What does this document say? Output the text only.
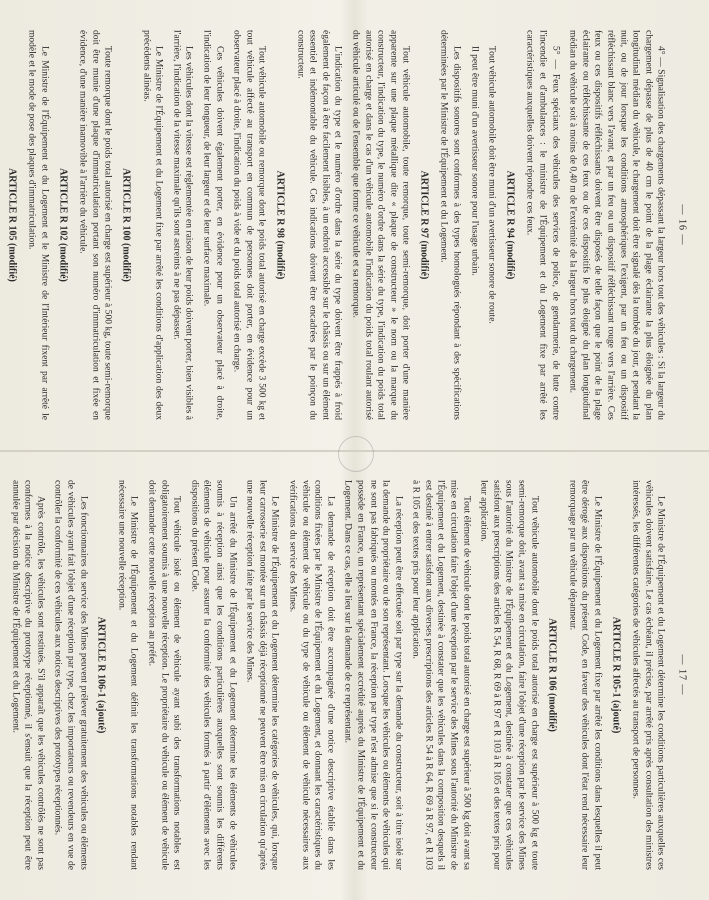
— 16 —

4° — Signalisation des chargements dépassant la largeur hors tout des véhicules : Si la largeur du chargement dépasse de plus de 40 cm le point de la plage éclairante la plus éloignée du plan longitudinal médian du véhicule, le chargement doit être signalé dès la tombée du jour, et pendant la nuit, ou de jour lorsque les conditions atmosphériques l'exigent, par un feu ou un dispositif réfléchissant blanc vers l'avant, et par un feu ou un dispositif réfléchissant rouge vers l'arrière. Ces feux ou ces dispositifs réfléchissants doivent être disposés de telle façon que le point de la plage éclairante ou réfléchissante de ces feux ou de ces dispositifs le plus éloigné du plan longitudinal médian du véhicule soit à moins de 0,40 m de l'extrémité de la largeur hors tout du chargement.

5° — Feux spéciaux des véhicules des services de police, de gendarmerie, de lutte contre l'incendie et d'ambulances : le ministre de l'Équipement et du Logement fixe par arrêté les caractéristiques auxquelles doivent répondre ces feux.

ARTICLE R 94 (modifié)

Tout véhicule automobile doit être muni d'un avertisseur sonore de route.

Il peut être muni d'un avertisseur sonore pour l'usage urbain.

Les dispositifs sonores sont conformes à des types homologués répondant à des spécifications déterminées par le Ministre de l'Équipement et du Logement.

ARTICLE R 97 (modifié)

Tout véhicule automobile, toute remorque, toute semi-remorque, doit porter d'une manière apparente sur une plaque métallique dite « plaque de constructeur » le nom ou la marque du constructeur, l'indication du type, le numéro d'ordre dans la série du type, l'indication du poids total autorisé en charge et dans le cas d'un véhicule automobile l'indication du poids total roulant autorisé du véhicule articulé ou de l'ensemble que forme ce véhicule et sa remorque.

L'indication du type et le numéro d'ordre dans la série du type doivent être frappés à froid également de façon à être facilement lisibles, à un endroit accessible sur le châssis ou sur un élément essentiel et indémontable du véhicule. Ces indications doivent être encadrées par le poinçon du constructeur.

ARTICLE R 98 (modifié)

Tout véhicule automobile ou remorque dont le poids total autorisé en charge excède 3 500 kg et tout véhicule affecté au transport en commun de personnes doit porter, en évidence pour un observateur placé à droite, l'indication du poids à vide et du poids total autorisé en charge.

Ces véhicules doivent également porter, en évidence pour un observateur placé à droite, l'indication de leur longueur, de leur largeur et de leur surface maximale.

Les véhicules dont la vitesse est réglementée en raison de leur poids doivent porter, bien visibles à l'arrière, l'indication de la vitesse maximale qu'ils sont astreints à ne pas dépasser.

Le Ministre de l'Équipement et du Logement fixe par arrêté les conditions d'application des deux précédents alinéas.

ARTICLE R 100 (modifié)

Toute remorque dont le poids total autorisé en charge est supérieur à 500 kg, toute semi-remorque doit être munie d'une plaque d'immatriculation portant son numéro d'immatriculation et fixée en évidence, d'une manière inamovible à l'arrière du véhicule.

ARTICLE R 102 (modifié)

Le Ministre de l'Équipement et du Logement et le Ministre de l'Intérieur fixent par arrêté le modèle et le mode de pose des plaques d'immatriculation.

ARTICLE R 105 (modifié)

— 17 —

Le Ministre de l'Équipement et du Logement détermine les conditions particulières auxquelles ces véhicules doivent satisfaire. Le cas échéant, il précise, par arrêté pris après consultation des ministres intéressés, les différentes catégories de véhicules affectés au transport de personnes.

ARTICLE R 105-1 (ajouté)

Le Ministre de l'Équipement et du Logement fixe par arrêté les conditions dans lesquelles il peut être dérogé aux dispositions du présent Code, en faveur des véhicules dont l'état rend nécessaire leur remorquage par un véhicule dépanneur.

ARTICLE R 106 (modifié)

Tout véhicule automobile dont le poids total autorisé en charge est supérieur à 500 kg et toute semi-remorque doit, avant sa mise en circulation, faire l'objet d'une réception par le service des Mines sous l'autorité du Ministre de l'Équipement et du Logement, destinée à constater que ces véhicules satisfont aux prescriptions des articles R 54, R 68, R 69 à R 97 et R 103 à R 105 et des textes pris pour leur application.

Tout élément de véhicule dont le poids total autorisé en charge est supérieur à 500 kg doit avant sa mise en circulation faire l'objet d'une réception par le service des Mines sous l'autorité du Ministre de l'Équipement et du Logement, destinée à constater que les véhicules dans la composition desquels il est destiné à entrer satisfont aux diverses prescriptions des articles R 54 à R 64, R 69 à R 97, et R 103 à R 105 et des textes pris pour leur application.

La réception peut être effectuée soit par type sur la demande du constructeur, soit à titre isolé sur la demande du propriétaire ou de son représentant. Lorsque les véhicules ou éléments de véhicules qui ne sont pas fabriqués ou montés en France, la réception par type n'est admise que si le constructeur possède en France, un représentant spécialement accrédité auprès du Ministre de l'Équipement et du Logement. Dans ce cas, elle a lieu sur la demande de ce représentant.

La demande de réception doit être accompagnée d'une notice descriptive établie dans les conditions fixées par le Ministre de l'Équipement et du Logement, et donnant les caractéristiques du véhicule ou élément de véhicule ou du type de véhicule ou élément de véhicule nécessaires aux vérifications du service des Mines.

Le Ministre de l'Équipement et du Logement détermine les catégories de véhicules, qui, lorsque leur carrosserie est montée sur un châssis déjà réceptionné ne peuvent être mis en circulation qu'après une nouvelle réception faite par le service des Mines.

Un arrêté du Ministre de l'Équipement et du Logement détermine les éléments de véhicules soumis à réception ainsi que les conditions particulières auxquelles sont soumis les différents éléments de véhicule pour assurer la conformité des véhicules formés à partir d'éléments avec les dispositions du présent Code.

Tout véhicule isolé ou élément de véhicule ayant subi des transformations notables est obligatoirement soumis à une nouvelle réception. Le propriétaire du véhicule ou élément de véhicule doit demander cette nouvelle réception au préfet.

Le Ministre de l'Équipement et du Logement définit les transformations notables rendant nécessaire une nouvelle réception.

ARTICLE R 106-1 (ajouté)

Les fonctionnaires du service des Mines peuvent prélever gratuitement des véhicules ou éléments de véhicules ayant fait l'objet d'une réception par type, chez les importateurs ou revendeurs en vue de contrôler la conformité de ces véhicules aux notices descriptives des prototypes réceptionnés.

Après contrôle, les véhicules sont restitués. S'il apparaît que les véhicules contrôlés ne sont pas conformes à la notice descriptive du prototype réceptionné, il s'ensuit que la réception peut être annulée par décision du Ministre de l'Équipement et du Logement.
